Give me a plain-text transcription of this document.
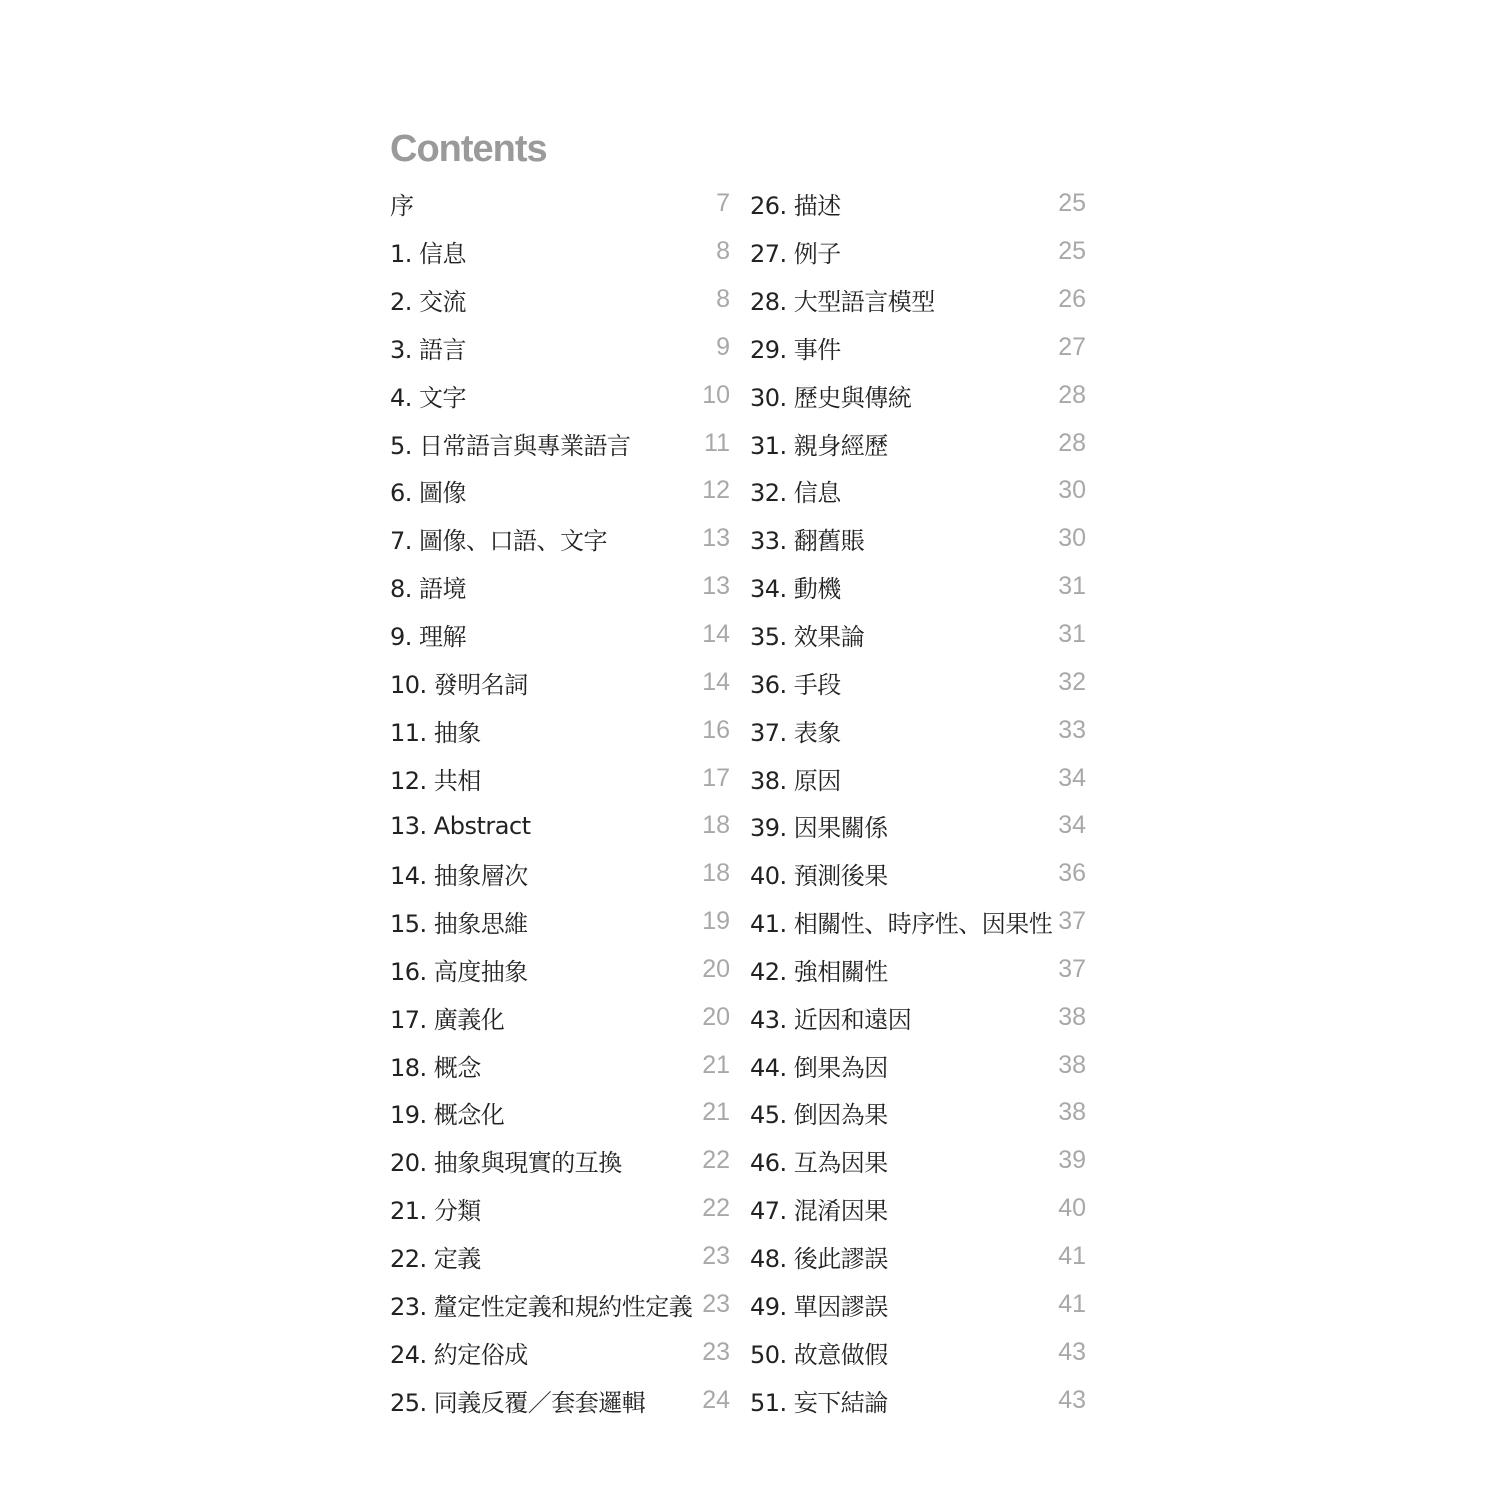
Contents
序	7
1. 信息	8
2. 交流	8
3. 語言	9
4. 文字	10
5. 日常語言與專業語言	11
6. 圖像	12
7. 圖像、口語、文字	13
8. 語境	13
9. 理解	14
10. 發明名詞	14
11. 抽象	16
12. 共相	17
13. Abstract	18
14. 抽象層次	18
15. 抽象思維	19
16. 高度抽象	20
17. 廣義化	20
18. 概念	21
19. 概念化	21
20. 抽象與現實的互換	22
21. 分類	22
22. 定義	23
23. 釐定性定義和規約性定義 23
24. 約定俗成	23
25. 同義反覆／套套邏輯 24
26. 描述	25
27. 例子	25
28. 大型語言模型	26
29. 事件	27
30. 歷史與傳統	28
31. 親身經歷	28
32. 信息	30
33. 翻舊賬	30
34. 動機	31
35. 效果論	31
36. 手段	32
37. 表象	33
38. 原因	34
39. 因果關係	34
40. 預測後果	36
41. 相關性、時序性、因果性 37
42. 強相關性	37
43. 近因和遠因	38
44. 倒果為因	38
45. 倒因為果	38
46. 互為因果	39
47. 混淆因果	40
48. 後此謬誤	41
49. 單因謬誤	41
50. 故意做假	43
51. 妄下結論	43
